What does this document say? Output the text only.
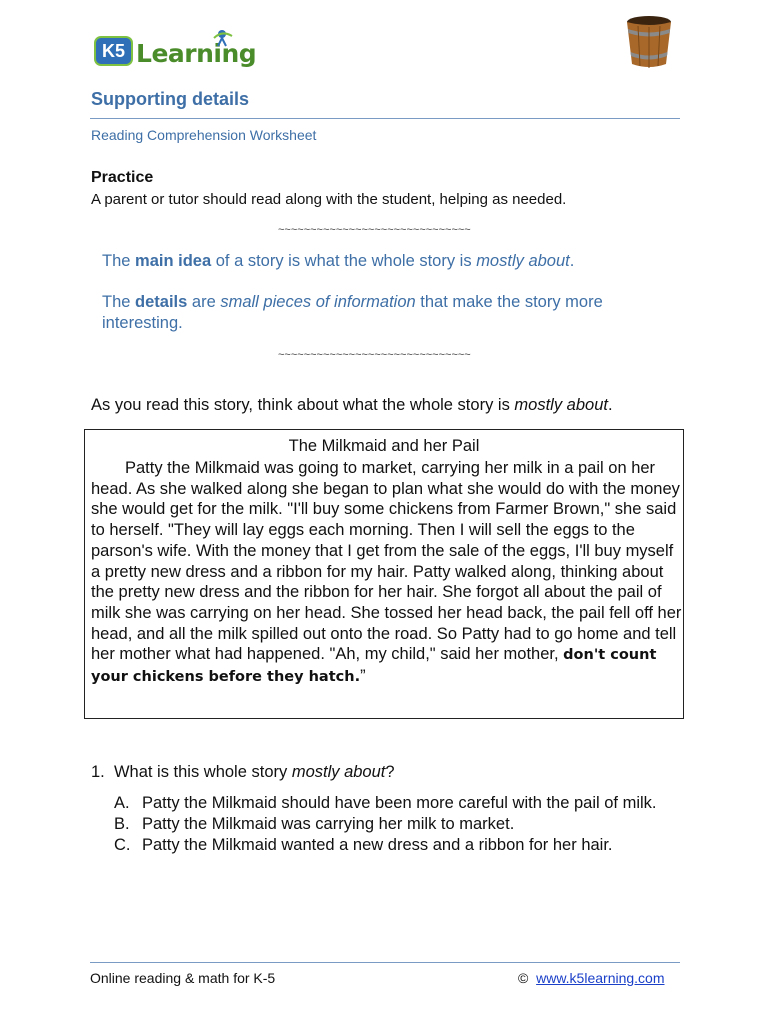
K5 Learning
Supporting details
Reading Comprehension Worksheet
Practice
A parent or tutor should read along with the student, helping as needed.
~~~~~~~~~~~~~~~~~~~~~~~~~~~~~~
The main idea of a story is what the whole story is mostly about.
The details are small pieces of information that make the story more interesting.
~~~~~~~~~~~~~~~~~~~~~~~~~~~~~~
As you read this story, think about what the whole story is mostly about.
The Milkmaid and her Pail
Patty the Milkmaid was going to market, carrying her milk in a pail on her head. As she walked along she began to plan what she would do with the money she would get for the milk. "I'll buy some chickens from Farmer Brown," she said to herself. "They will lay eggs each morning. Then I will sell the eggs to the parson's wife. With the money that I get from the sale of the eggs, I'll buy myself a pretty new dress and a ribbon for my hair. Patty walked along, thinking about the pretty new dress and the ribbon for her hair. She forgot all about the pail of milk she was carrying on her head. She tossed her head back, the pail fell off her head, and all the milk spilled out onto the road. So Patty had to go home and tell her mother what had happened. "Ah, my child," said her mother, don't count your chickens before they hatch.”
1. What is this whole story mostly about?
A. Patty the Milkmaid should have been more careful with the pail of milk.
B. Patty the Milkmaid was carrying her milk to market.
C. Patty the Milkmaid wanted a new dress and a ribbon for her hair.
Online reading & math for K-5	© www.k5learning.com
